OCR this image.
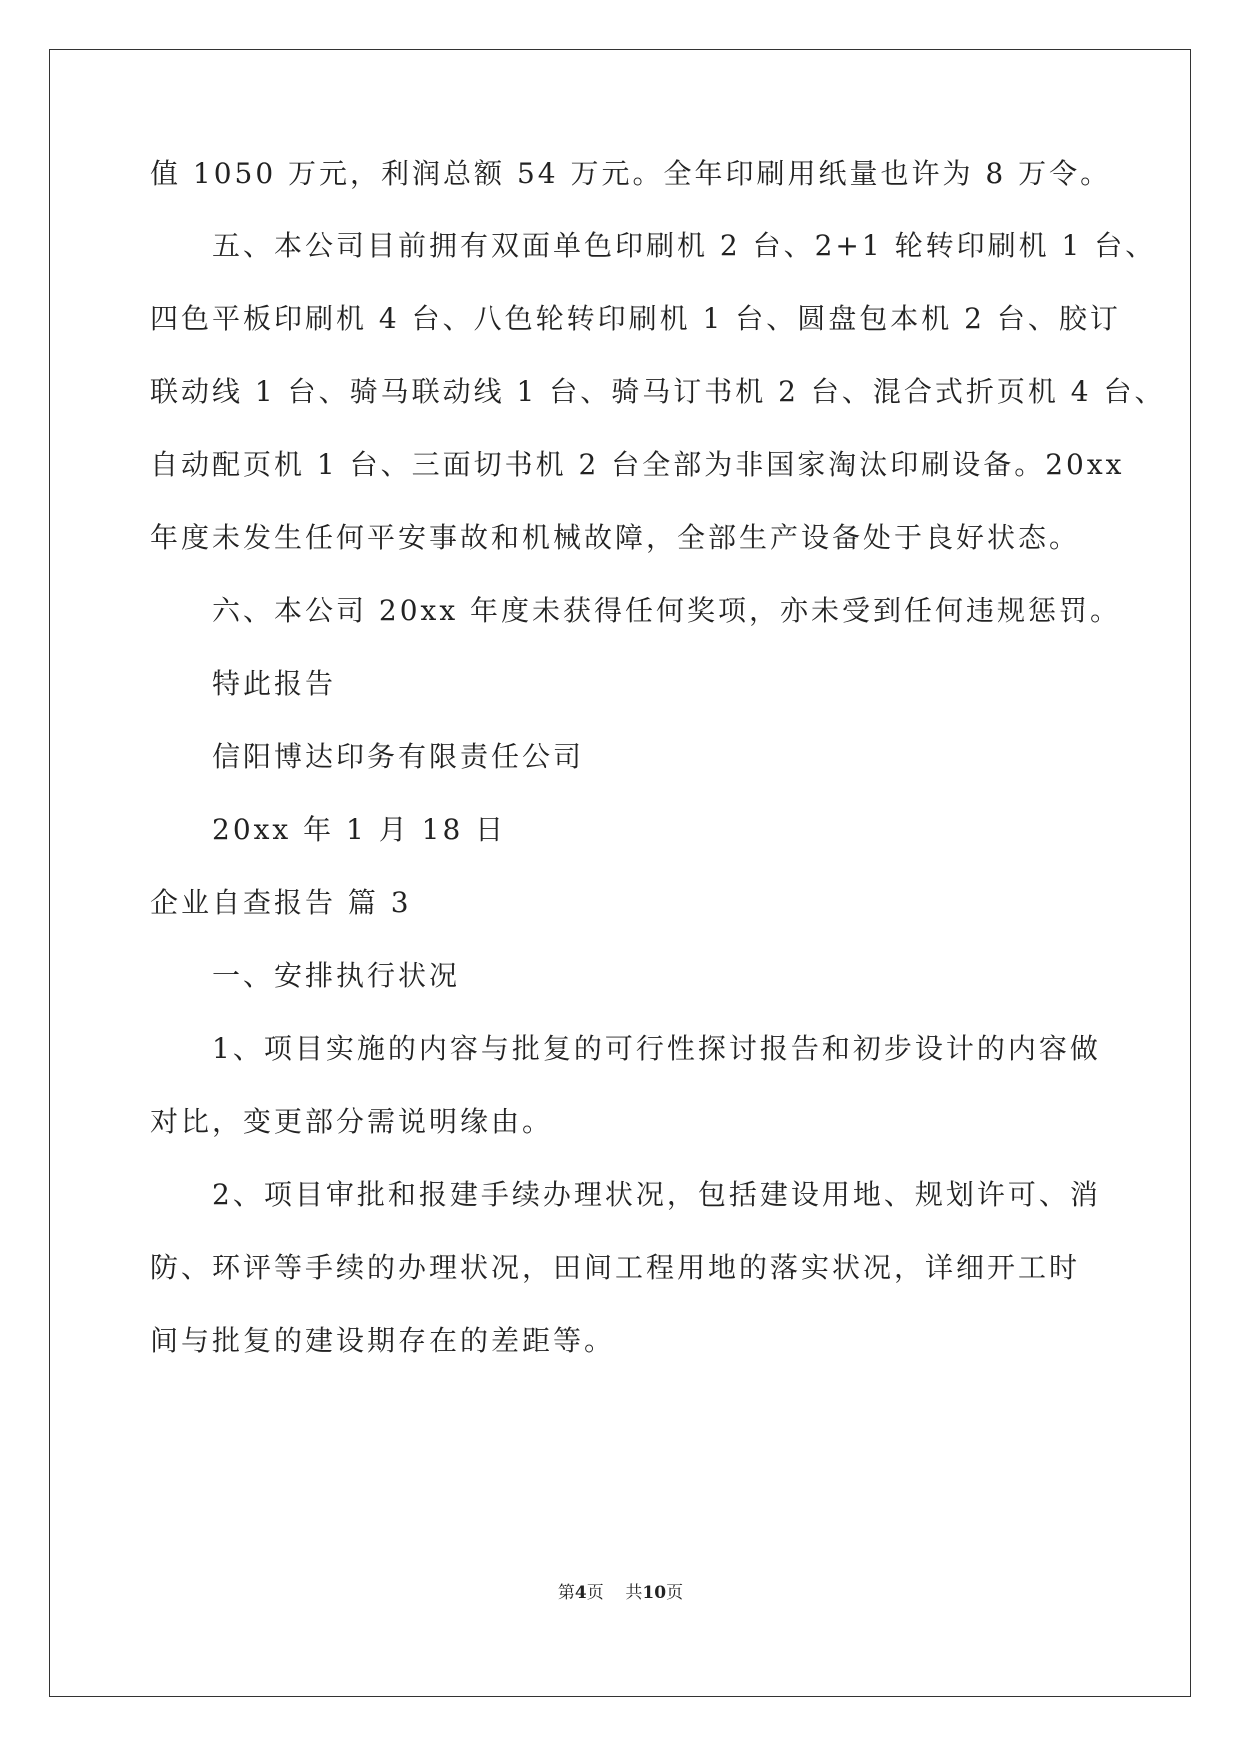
值 1050 万元，利润总额 54 万元。全年印刷用纸量也许为 8 万令。
五、本公司目前拥有双面单色印刷机 2 台、2+1 轮转印刷机 1 台、
四色平板印刷机 4 台、八色轮转印刷机 1 台、圆盘包本机 2 台、胶订
联动线 1 台、骑马联动线 1 台、骑马订书机 2 台、混合式折页机 4 台、
自动配页机 1 台、三面切书机 2 台全部为非国家淘汰印刷设备。20xx
年度未发生任何平安事故和机械故障，全部生产设备处于良好状态。
六、本公司 20xx 年度未获得任何奖项，亦未受到任何违规惩罚。
特此报告
信阳博达印务有限责任公司
20xx 年 1 月 18 日
企业自查报告 篇 3
一、安排执行状况
1、项目实施的内容与批复的可行性探讨报告和初步设计的内容做
对比，变更部分需说明缘由。
2、项目审批和报建手续办理状况，包括建设用地、规划许可、消
防、环评等手续的办理状况，田间工程用地的落实状况，详细开工时
间与批复的建设期存在的差距等。
第4页 共10页
